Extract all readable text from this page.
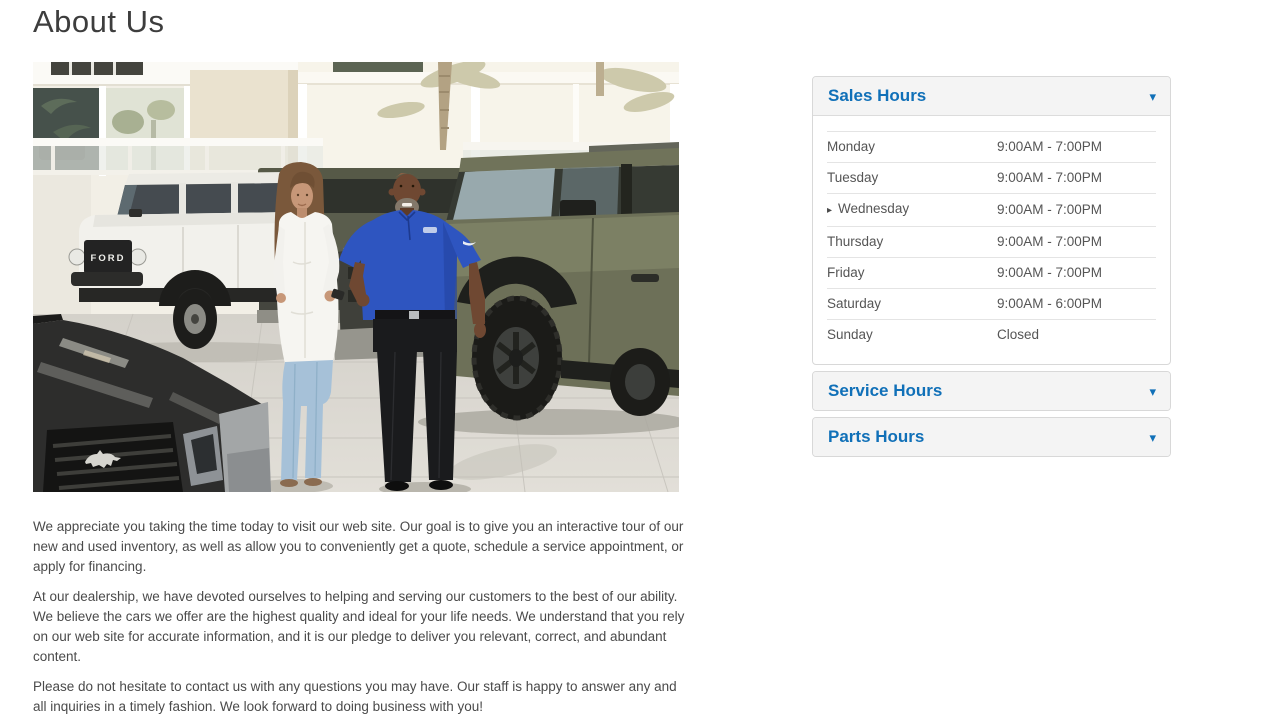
About Us
FORD

We appreciate you taking the time today to visit our web site. Our goal is to give you an interactive tour of our new and used inventory, as well as allow you to conveniently get a quote, schedule a service appointment, or apply for financing.

At our dealership, we have devoted ourselves to helping and serving our customers to the best of our ability. We believe the cars we offer are the highest quality and ideal for your life needs. We understand that you rely on our web site for accurate information, and it is our pledge to deliver you relevant, correct, and abundant content.

Please do not hesitate to contact us with any questions you may have. Our staff is happy to answer any and all inquiries in a timely fashion. We look forward to doing business with you!

Sales Hours	▾
Monday	9:00AM - 7:00PM
Tuesday	9:00AM - 7:00PM
▸ Wednesday	9:00AM - 7:00PM
Thursday	9:00AM - 7:00PM
Friday	9:00AM - 7:00PM
Saturday	9:00AM - 6:00PM
Sunday	Closed
Service Hours	▾
Parts Hours	▾
